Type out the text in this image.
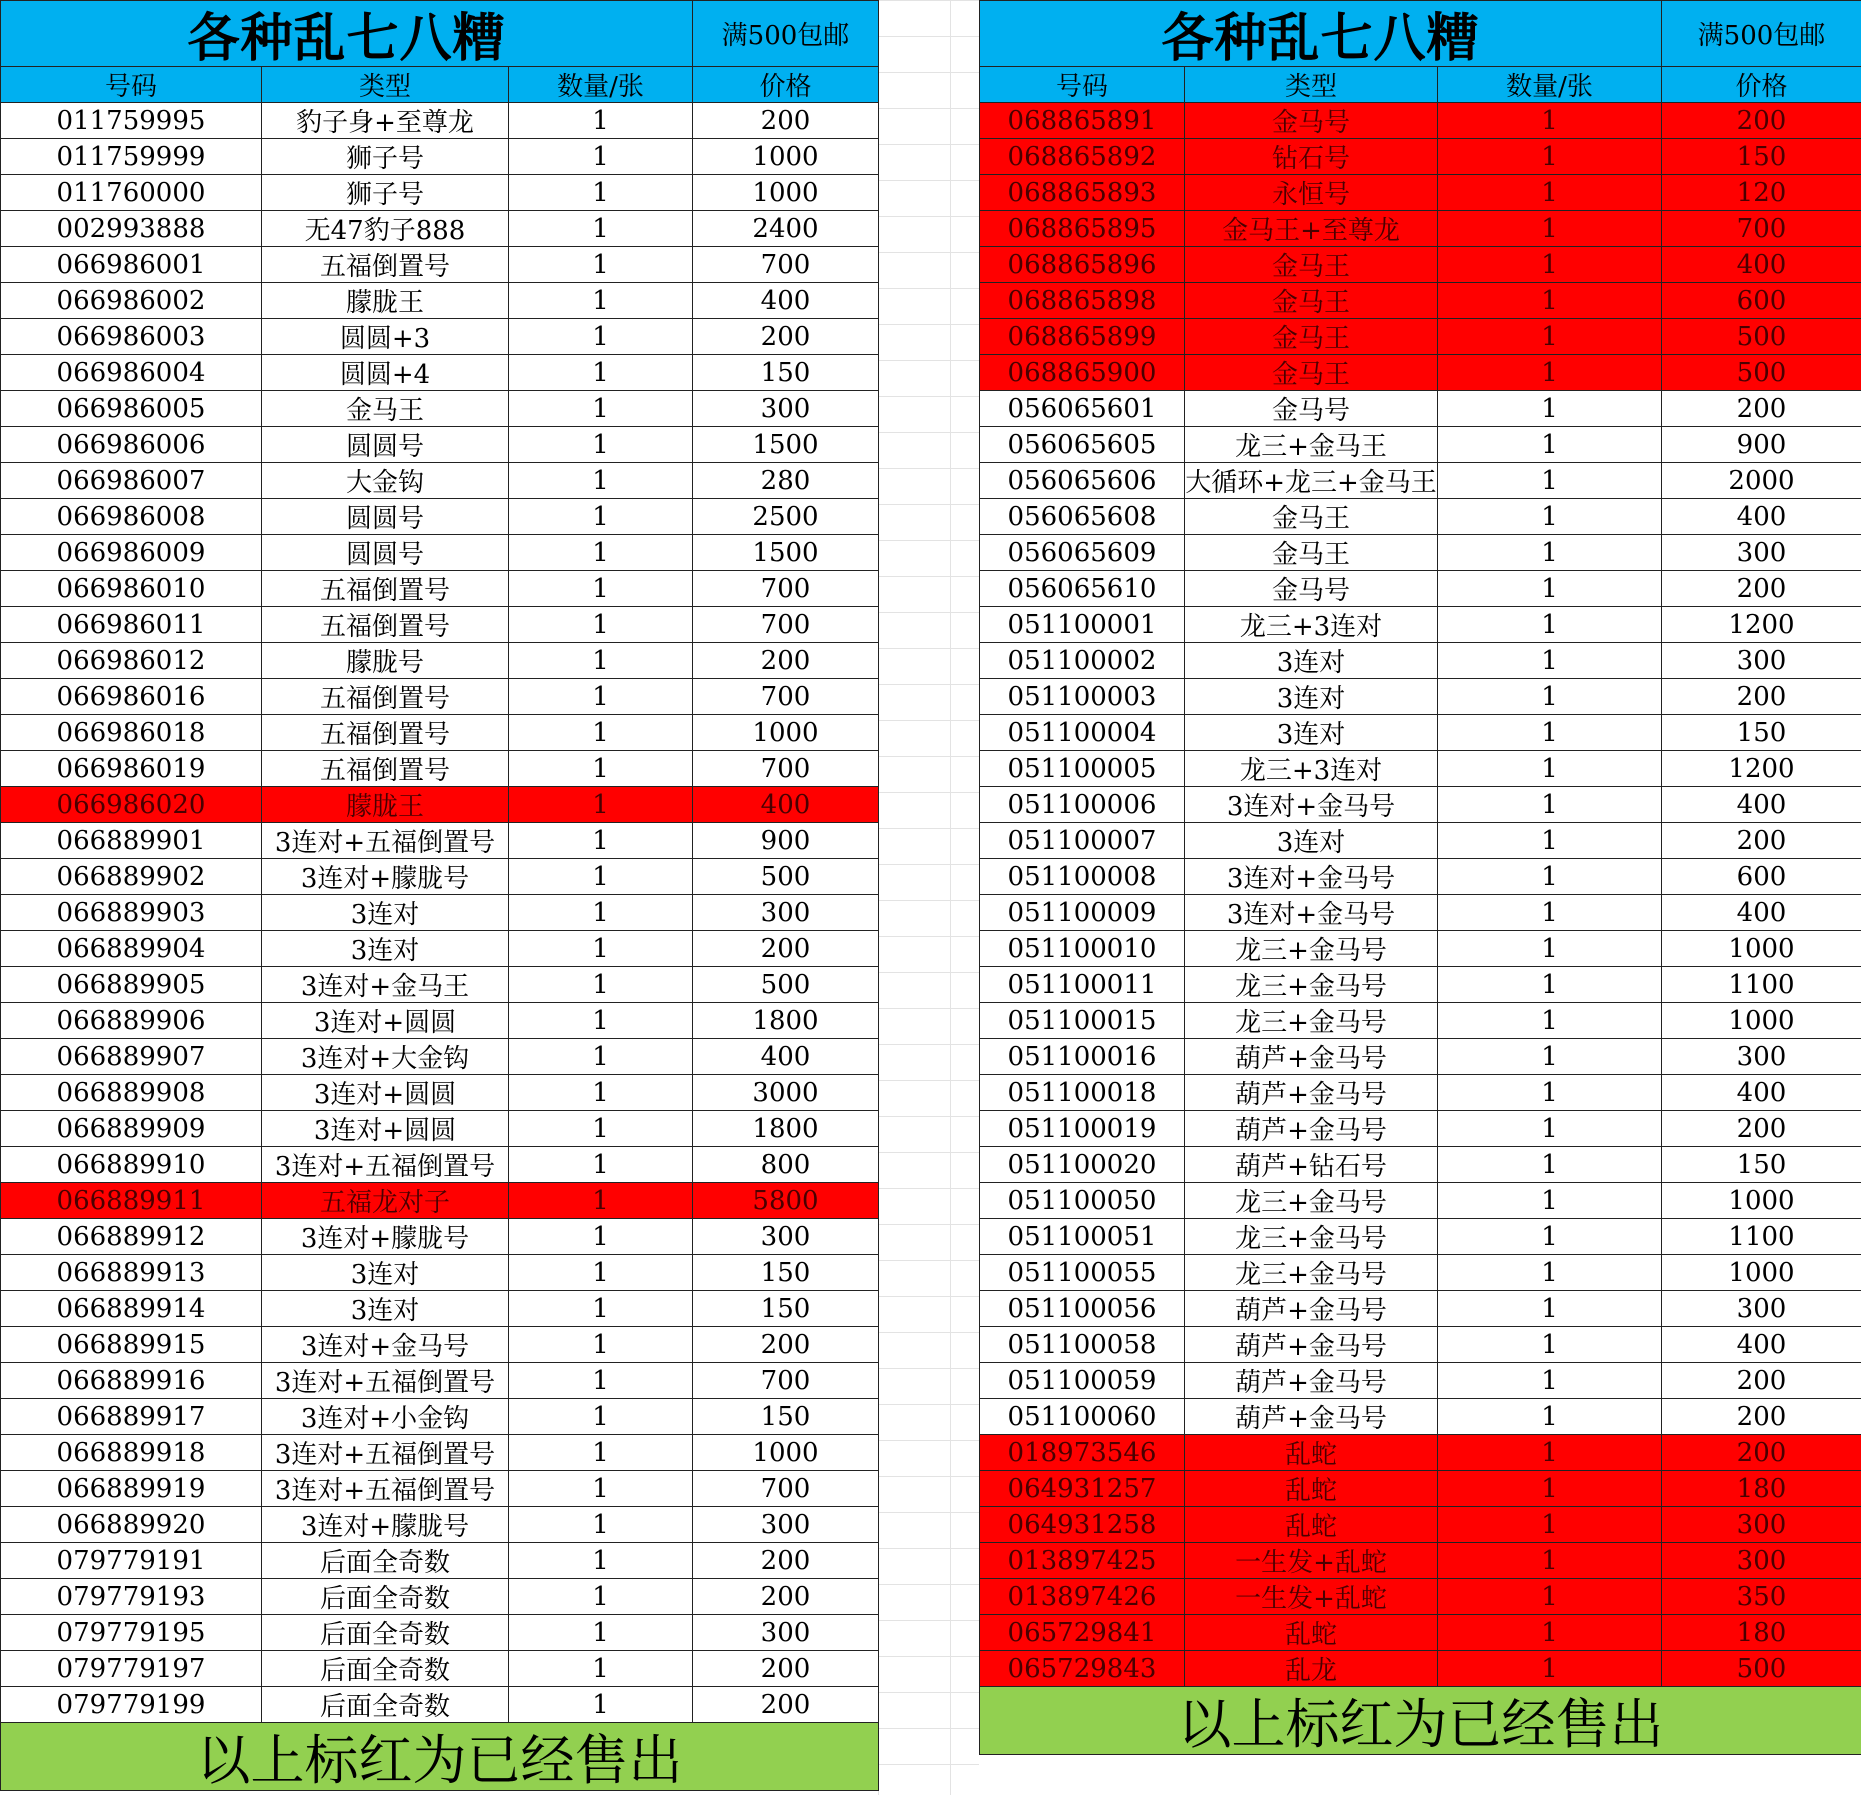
各种乱七八糟	满500包邮
号码	类型	数量/张	价格
011759995	豹子身+至尊龙	1	200
011759999	狮子号	1	1000
011760000	狮子号	1	1000
002993888	无47豹子888	1	2400
066986001	五福倒置号	1	700
066986002	朦胧王	1	400
066986003	圆圆+3	1	200
066986004	圆圆+4	1	150
066986005	金马王	1	300
066986006	圆圆号	1	1500
066986007	大金钩	1	280
066986008	圆圆号	1	2500
066986009	圆圆号	1	1500
066986010	五福倒置号	1	700
066986011	五福倒置号	1	700
066986012	朦胧号	1	200
066986016	五福倒置号	1	700
066986018	五福倒置号	1	1000
066986019	五福倒置号	1	700
066986020	朦胧王	1	400
066889901	3连对+五福倒置号	1	900
066889902	3连对+朦胧号	1	500
066889903	3连对	1	300
066889904	3连对	1	200
066889905	3连对+金马王	1	500
066889906	3连对+圆圆	1	1800
066889907	3连对+大金钩	1	400
066889908	3连对+圆圆	1	3000
066889909	3连对+圆圆	1	1800
066889910	3连对+五福倒置号	1	800
066889911	五福龙对子	1	5800
066889912	3连对+朦胧号	1	300
066889913	3连对	1	150
066889914	3连对	1	150
066889915	3连对+金马号	1	200
066889916	3连对+五福倒置号	1	700
066889917	3连对+小金钩	1	150
066889918	3连对+五福倒置号	1	1000
066889919	3连对+五福倒置号	1	700
066889920	3连对+朦胧号	1	300
079779191	后面全奇数	1	200
079779193	后面全奇数	1	200
079779195	后面全奇数	1	300
079779197	后面全奇数	1	200
079779199	后面全奇数	1	200
以上标红为已经售出
各种乱七八糟	满500包邮
号码	类型	数量/张	价格
068865891	金马号	1	200
068865892	钻石号	1	150
068865893	永恒号	1	120
068865895	金马王+至尊龙	1	700
068865896	金马王	1	400
068865898	金马王	1	600
068865899	金马王	1	500
068865900	金马王	1	500
056065601	金马号	1	200
056065605	龙三+金马王	1	900
056065606	大循环+龙三+金马王	1	2000
056065608	金马王	1	400
056065609	金马王	1	300
056065610	金马号	1	200
051100001	龙三+3连对	1	1200
051100002	3连对	1	300
051100003	3连对	1	200
051100004	3连对	1	150
051100005	龙三+3连对	1	1200
051100006	3连对+金马号	1	400
051100007	3连对	1	200
051100008	3连对+金马号	1	600
051100009	3连对+金马号	1	400
051100010	龙三+金马号	1	1000
051100011	龙三+金马号	1	1100
051100015	龙三+金马号	1	1000
051100016	葫芦+金马号	1	300
051100018	葫芦+金马号	1	400
051100019	葫芦+金马号	1	200
051100020	葫芦+钻石号	1	150
051100050	龙三+金马号	1	1000
051100051	龙三+金马号	1	1100
051100055	龙三+金马号	1	1000
051100056	葫芦+金马号	1	300
051100058	葫芦+金马号	1	400
051100059	葫芦+金马号	1	200
051100060	葫芦+金马号	1	200
018973546	乱蛇	1	200
064931257	乱蛇	1	180
064931258	乱蛇	1	300
013897425	一生发+乱蛇	1	300
013897426	一生发+乱蛇	1	350
065729841	乱蛇	1	180
065729843	乱龙	1	500
以上标红为已经售出
